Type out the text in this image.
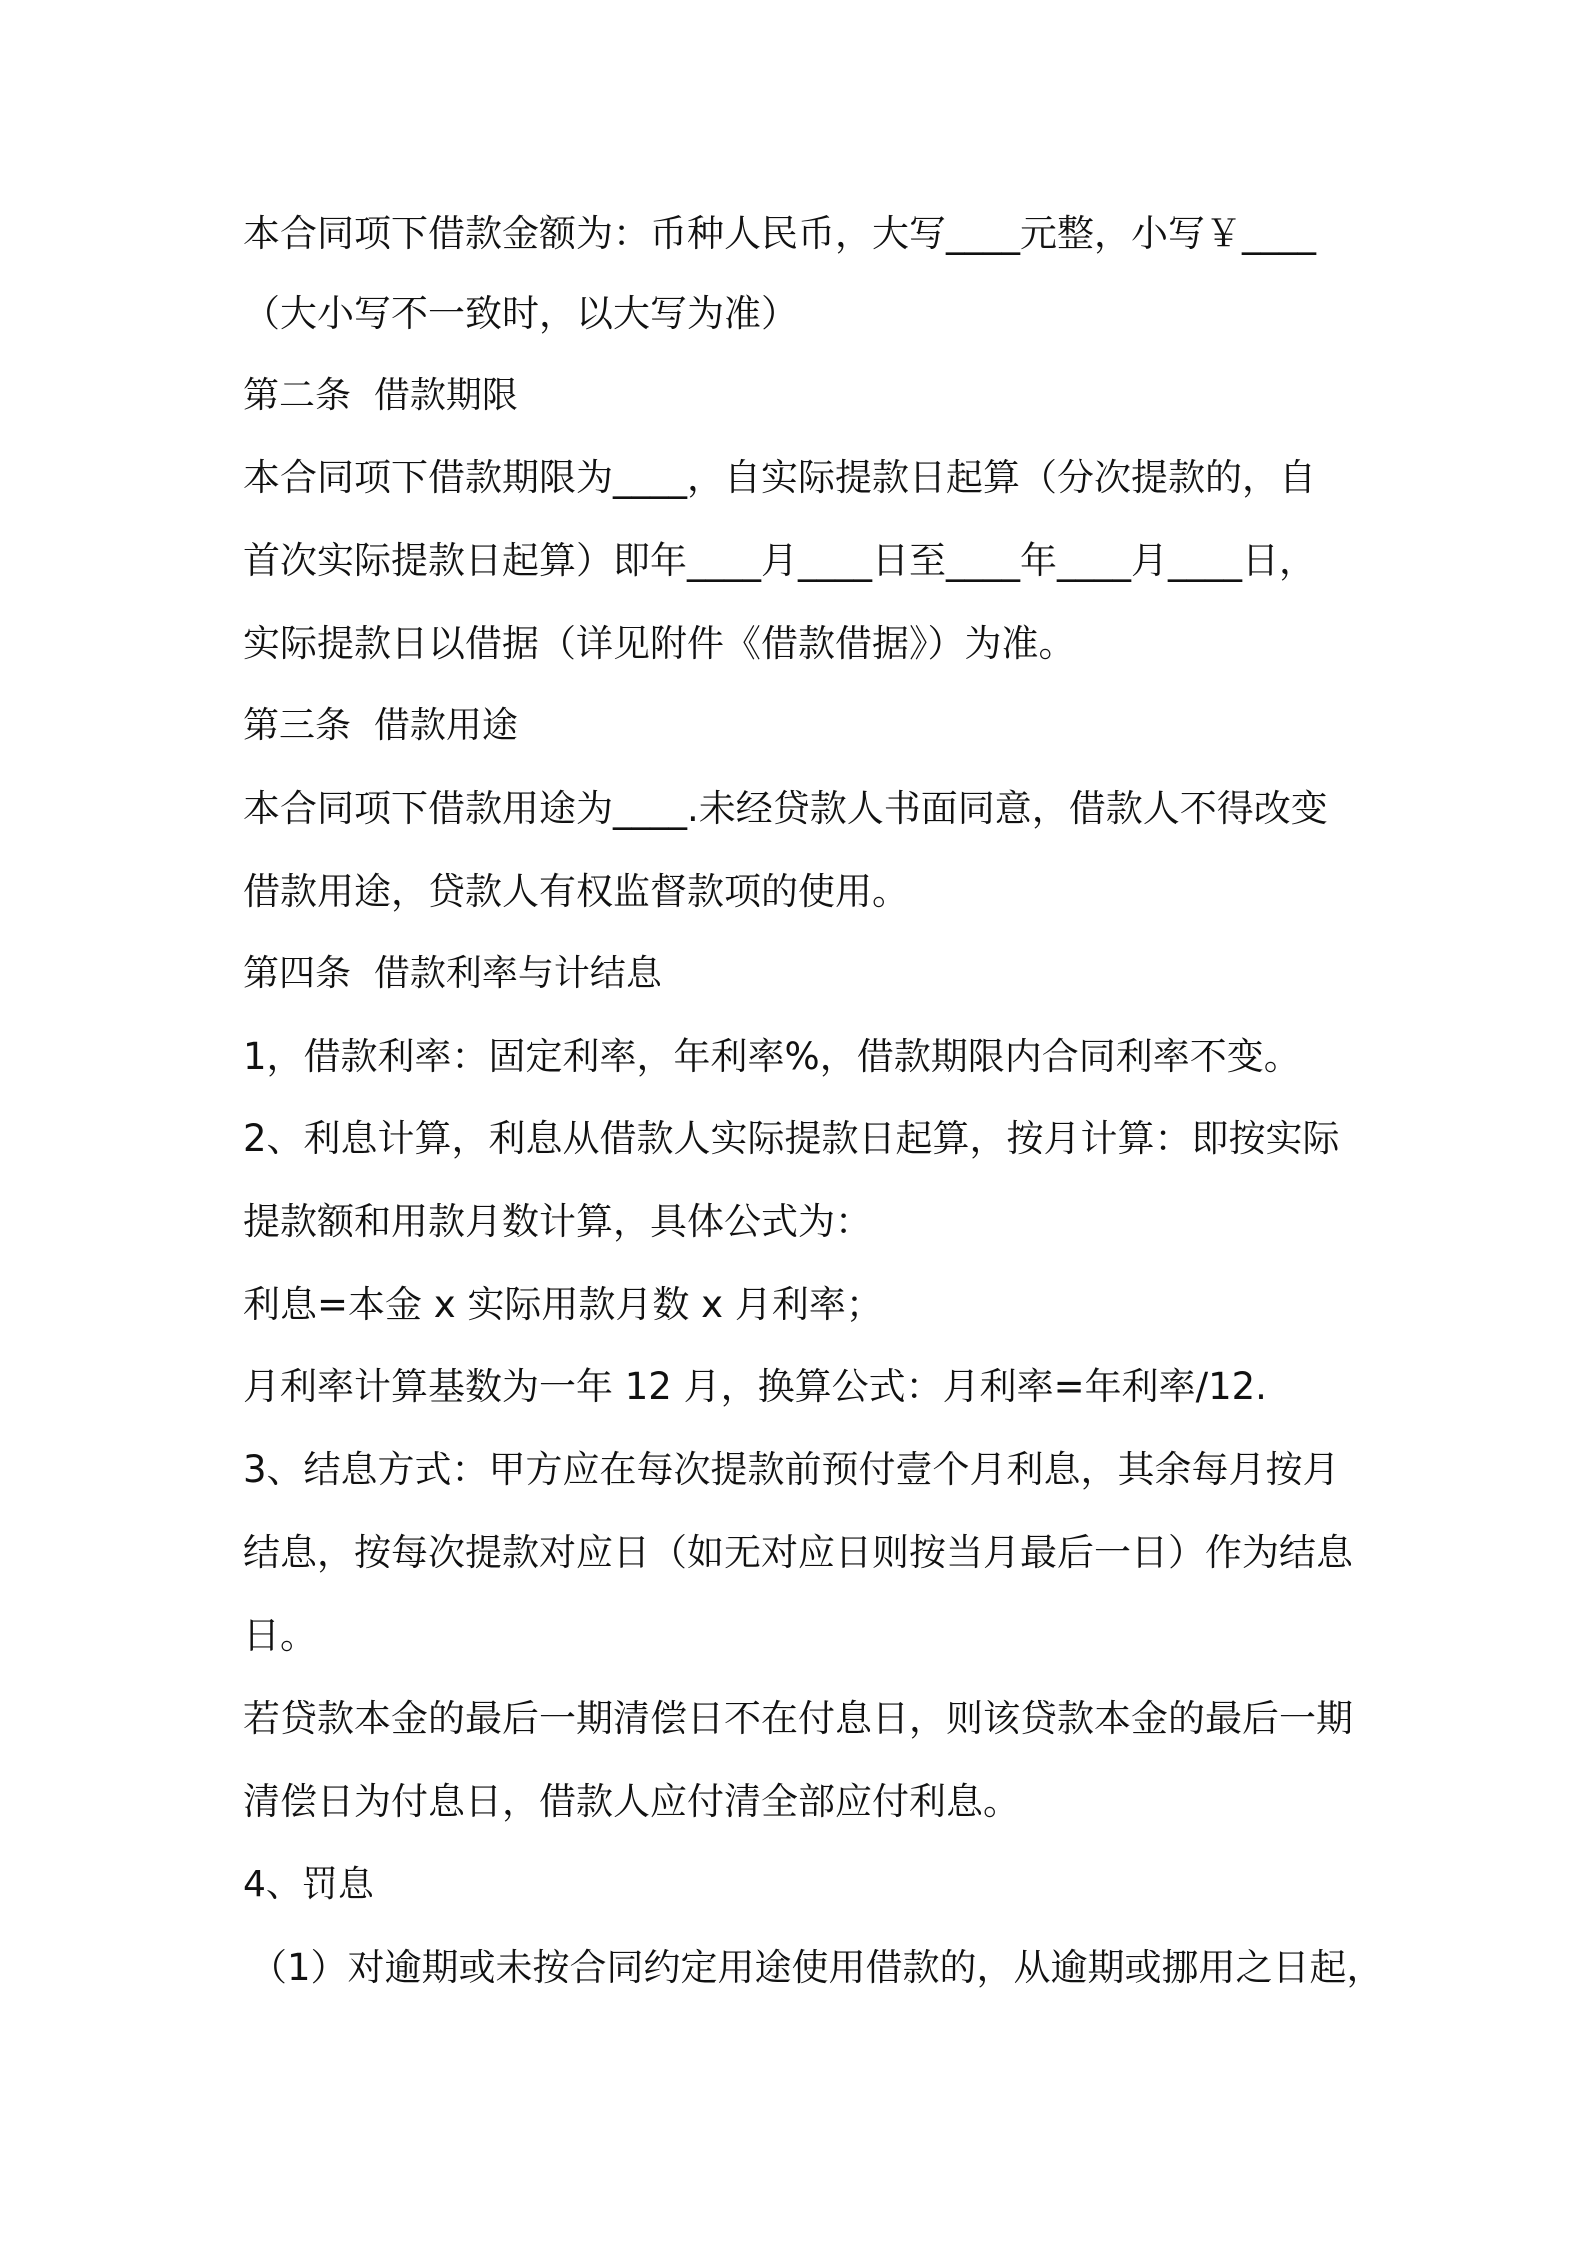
本合同项下借款金额为：币种人民币，大写____元整，小写￥____

（大小写不一致时，以大写为准）

第二条  借款期限

本合同项下借款期限为____，自实际提款日起算（分次提款的，自

首次实际提款日起算）即年____月____日至____年____月____日，

实际提款日以借据（详见附件《借款借据》）为准。

第三条  借款用途

本合同项下借款用途为____.未经贷款人书面同意，借款人不得改变

借款用途，贷款人有权监督款项的使用。

第四条  借款利率与计结息

1，借款利率：固定利率，年利率%，借款期限内合同利率不变。

2、利息计算，利息从借款人实际提款日起算，按月计算：即按实际

提款额和用款月数计算，具体公式为：

利息=本金 x 实际用款月数 x 月利率；

月利率计算基数为一年 12 月，换算公式：月利率=年利率/12.

3、结息方式：甲方应在每次提款前预付壹个月利息，其余每月按月

结息，按每次提款对应日（如无对应日则按当月最后一日）作为结息

日。

若贷款本金的最后一期清偿日不在付息日，则该贷款本金的最后一期

清偿日为付息日，借款人应付清全部应付利息。

4、罚息

（1）对逾期或未按合同约定用途使用借款的，从逾期或挪用之日起，
